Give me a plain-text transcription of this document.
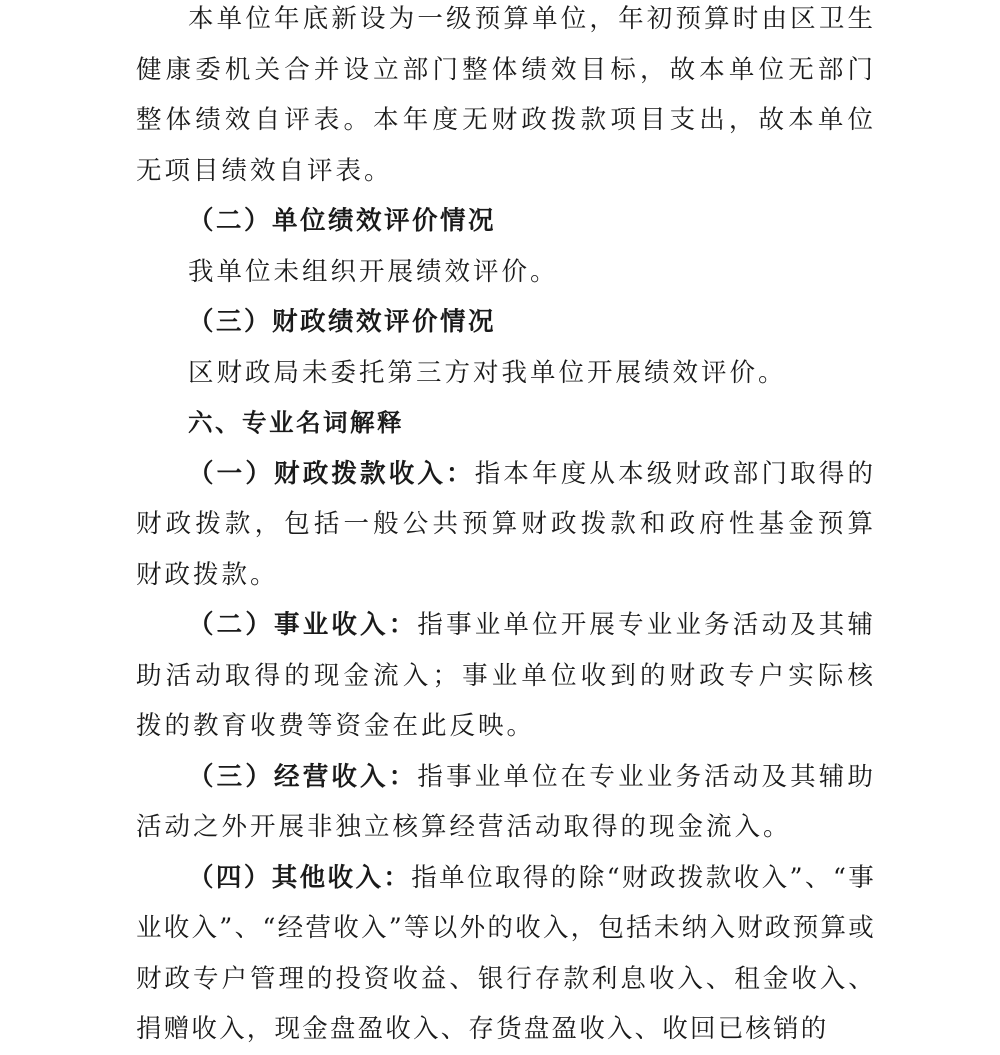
本单位年底新设为一级预算单位，年初预算时由区卫生健康委机关合并设立部门整体绩效目标，故本单位无部门整体绩效自评表。本年度无财政拨款项目支出，故本单位无项目绩效自评表。

（二）单位绩效评价情况

我单位未组织开展绩效评价。

（三）财政绩效评价情况

区财政局未委托第三方对我单位开展绩效评价。

六、专业名词解释

（一）财政拨款收入：指本年度从本级财政部门取得的财政拨款，包括一般公共预算财政拨款和政府性基金预算财政拨款。

（二）事业收入：指事业单位开展专业业务活动及其辅助活动取得的现金流入；事业单位收到的财政专户实际核拨的教育收费等资金在此反映。

（三）经营收入：指事业单位在专业业务活动及其辅助活动之外开展非独立核算经营活动取得的现金流入。

（四）其他收入：指单位取得的除“财政拨款收入”、“事业收入”、“经营收入”等以外的收入，包括未纳入财政预算或财政专户管理的投资收益、银行存款利息收入、租金收入、捐赠收入，现金盘盈收入、存货盘盈收入、收回已核销的
